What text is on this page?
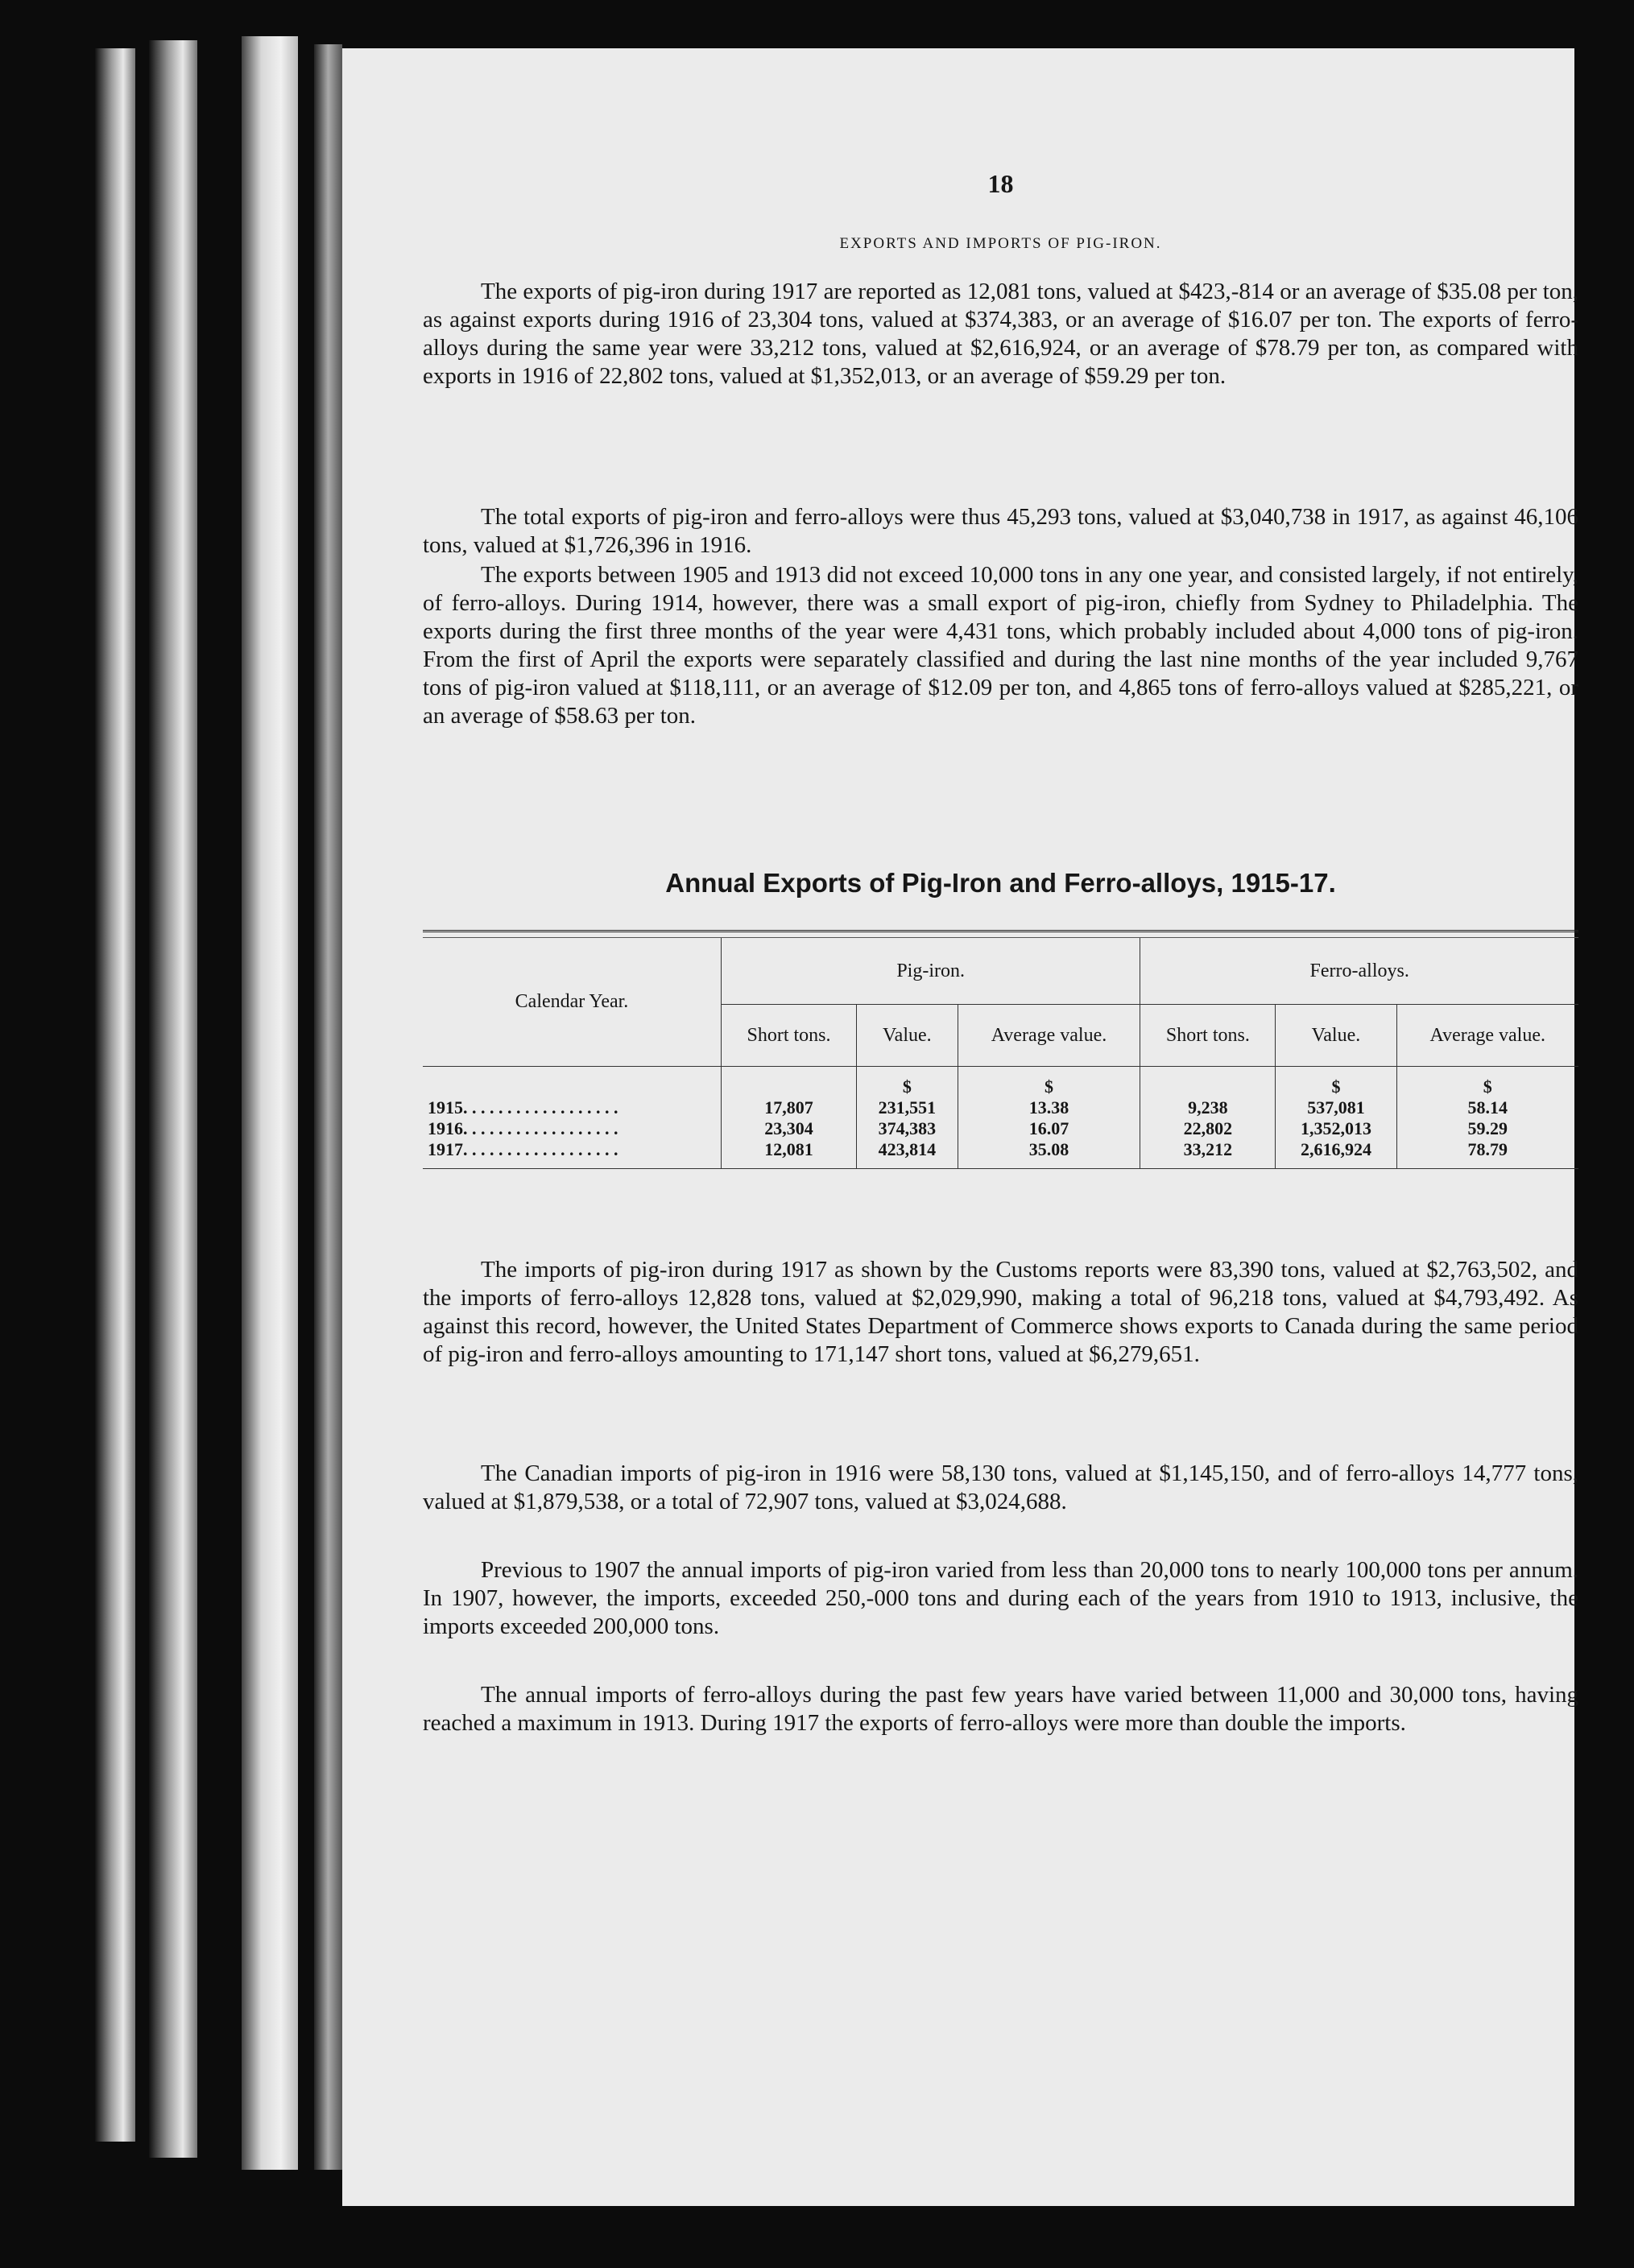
18
EXPORTS AND IMPORTS OF PIG-IRON.

The exports of pig-iron during 1917 are reported as 12,081 tons, valued at $423,-814 or an average of $35.08 per ton, as against exports during 1916 of 23,304 tons, valued at $374,383, or an average of $16.07 per ton. The exports of ferro-alloys during the same year were 33,212 tons, valued at $2,616,924, or an average of $78.79 per ton, as compared with exports in 1916 of 22,802 tons, valued at $1,352,013, or an average of $59.29 per ton.

The total exports of pig-iron and ferro-alloys were thus 45,293 tons, valued at $3,040,738 in 1917, as against 46,106 tons, valued at $1,726,396 in 1916.

The exports between 1905 and 1913 did not exceed 10,000 tons in any one year, and consisted largely, if not entirely, of ferro-alloys. During 1914, however, there was a small export of pig-iron, chiefly from Sydney to Philadelphia. The exports during the first three months of the year were 4,431 tons, which probably included about 4,000 tons of pig-iron. From the first of April the exports were separately classified and during the last nine months of the year included 9,767 tons of pig-iron valued at $118,111, or an average of $12.09 per ton, and 4,865 tons of ferro-alloys valued at $285,221, or an average of $58.63 per ton.

Annual Exports of Pig-Iron and Ferro-alloys, 1915-17.
Calendar Year.	Pig-iron.			Ferro-alloys.		
	Short tons.	Value.	Average value.	Short tons.	Value.	Average value.
		$	$		$	$
1915. . . . . . . . . . . . . . . . . .	17,807	231,551	13.38	9,238	537,081	58.14
1916. . . . . . . . . . . . . . . . . .	23,304	374,383	16.07	22,802	1,352,013	59.29
1917. . . . . . . . . . . . . . . . . .	12,081	423,814	35.08	33,212	2,616,924	78.79

The imports of pig-iron during 1917 as shown by the Customs reports were 83,390 tons, valued at $2,763,502, and the imports of ferro-alloys 12,828 tons, valued at $2,029,990, making a total of 96,218 tons, valued at $4,793,492. As against this record, however, the United States Department of Commerce shows exports to Canada during the same period of pig-iron and ferro-alloys amounting to 171,147 short tons, valued at $6,279,651.

The Canadian imports of pig-iron in 1916 were 58,130 tons, valued at $1,145,150, and of ferro-alloys 14,777 tons, valued at $1,879,538, or a total of 72,907 tons, valued at $3,024,688.

Previous to 1907 the annual imports of pig-iron varied from less than 20,000 tons to nearly 100,000 tons per annum. In 1907, however, the imports, exceeded 250,-000 tons and during each of the years from 1910 to 1913, inclusive, the imports exceeded 200,000 tons.

The annual imports of ferro-alloys during the past few years have varied between 11,000 and 30,000 tons, having reached a maximum in 1913. During 1917 the exports of ferro-alloys were more than double the imports.
